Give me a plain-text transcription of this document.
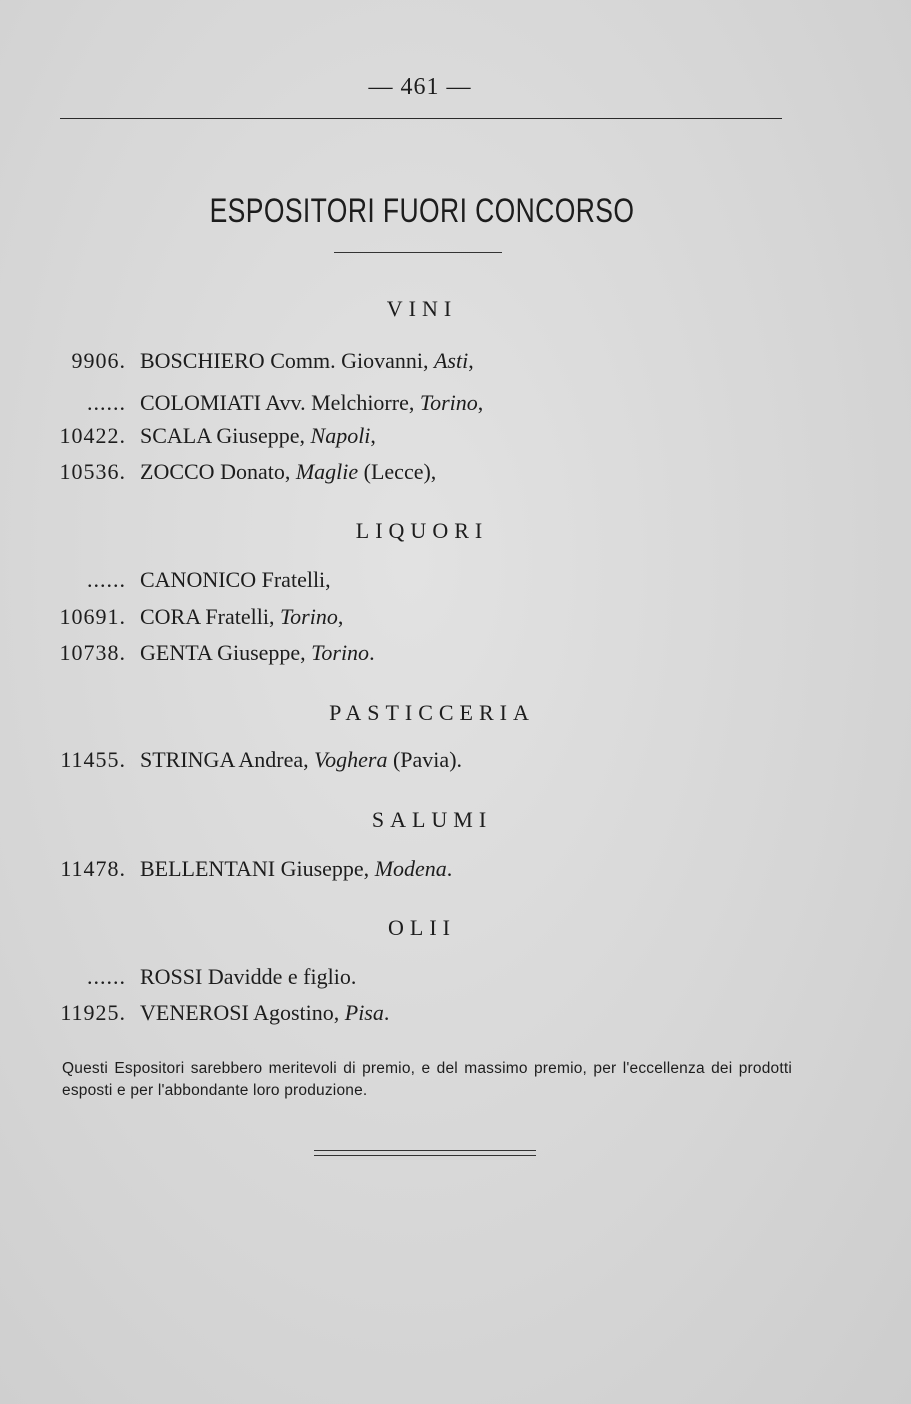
— 461 —
ESPOSITORI FUORI CONCORSO
VINI
9906. BOSCHIERO Comm. Giovanni, Asti,
...... COLOMIATI Avv. Melchiorre, Torino,
10422. SCALA Giuseppe, Napoli,
10536. ZOCCO Donato, Maglie (Lecce),
LIQUORI
...... CANONICO Fratelli,
10691. CORA Fratelli, Torino,
10738. GENTA Giuseppe, Torino.
PASTICCERIA
11455. STRINGA Andrea, Voghera (Pavia).
SALUMI
11478. BELLENTANI Giuseppe, Modena.
OLII
...... ROSSI Davidde e figlio.
11925. VENEROSI Agostino, Pisa.
Questi Espositori sarebbero meritevoli di premio, e del massimo premio, per l'eccellenza dei prodotti esposti e per l'abbondante loro produzione.
